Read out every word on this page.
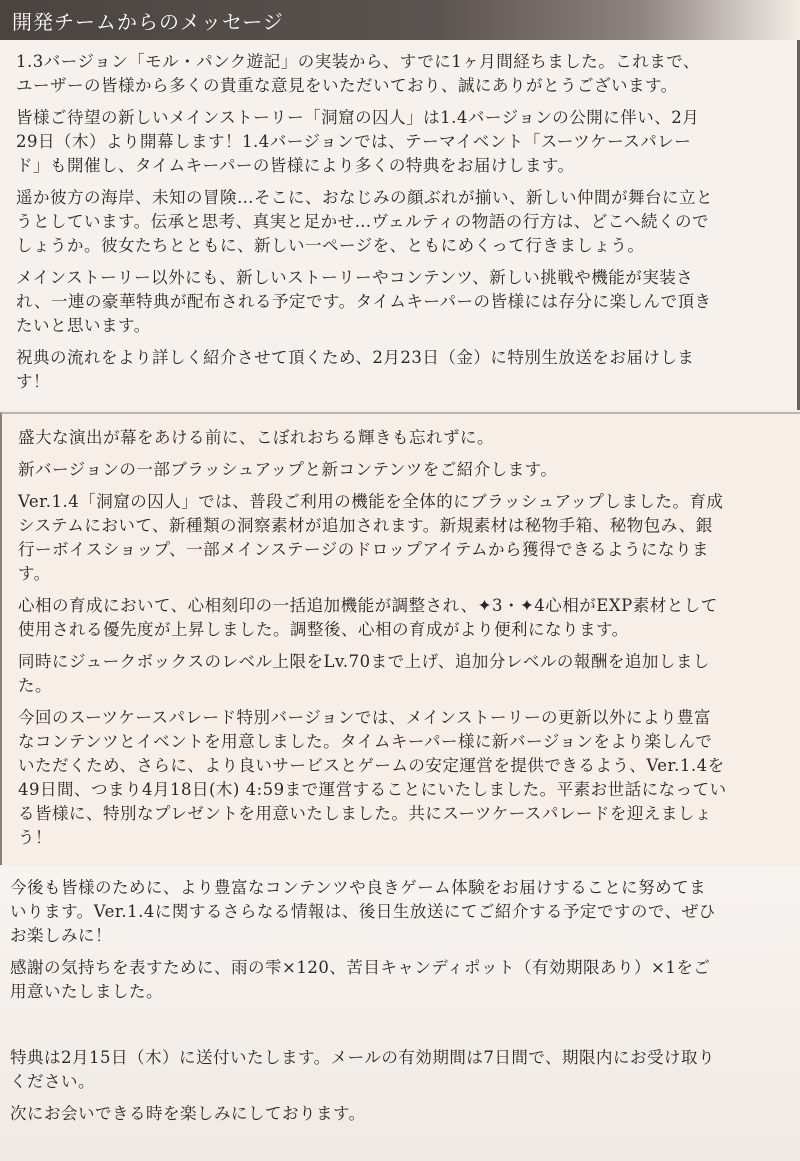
開発チームからのメッセージ

1.3バージョン「モル・パンク遊記」の実装から、すでに1ヶ月間経ちました。これまで、
ユーザーの皆様から多くの貴重な意見をいただいており、誠にありがとうございます。

皆様ご待望の新しいメインストーリー「洞窟の囚人」は1.4バージョンの公開に伴い、2月
29日（木）より開幕します！1.4バージョンでは、テーマイベント「スーツケースパレー
ド」も開催し、タイムキーパーの皆様により多くの特典をお届けします。

遥か彼方の海岸、未知の冒険…そこに、おなじみの顔ぶれが揃い、新しい仲間が舞台に立と
うとしています。伝承と思考、真実と足かせ…ヴェルティの物語の行方は、どこへ続くので
しょうか。彼女たちとともに、新しい一ページを、ともにめくって行きましょう。

メインストーリー以外にも、新しいストーリーやコンテンツ、新しい挑戦や機能が実装さ
れ、一連の豪華特典が配布される予定です。タイムキーパーの皆様には存分に楽しんで頂き
たいと思います。

祝典の流れをより詳しく紹介させて頂くため、2月23日（金）に特別生放送をお届けしま
す！

盛大な演出が幕をあける前に、こぼれおちる輝きも忘れずに。

新バージョンの一部ブラッシュアップと新コンテンツをご紹介します。

Ver.1.4「洞窟の囚人」では、普段ご利用の機能を全体的にブラッシュアップしました。育成
システムにおいて、新種類の洞察素材が追加されます。新規素材は秘物手箱、秘物包み、銀
行ーボイスショップ、一部メインステージのドロップアイテムから獲得できるようになりま
す。

心相の育成において、心相刻印の一括追加機能が調整され、✦3・✦4心相がEXP素材として
使用される優先度が上昇しました。調整後、心相の育成がより便利になります。

同時にジュークボックスのレベル上限をLv.70まで上げ、追加分レベルの報酬を追加しまし
た。

今回のスーツケースパレード特別バージョンでは、メインストーリーの更新以外により豊富
なコンテンツとイベントを用意しました。タイムキーパー様に新バージョンをより楽しんで
いただくため、さらに、より良いサービスとゲームの安定運営を提供できるよう、Ver.1.4を
49日間、つまり4月18日(木) 4:59まで運営することにいたしました。平素お世話になってい
る皆様に、特別なプレゼントを用意いたしました。共にスーツケースパレードを迎えましょ
う！

今後も皆様のために、より豊富なコンテンツや良きゲーム体験をお届けすることに努めてま
いります。Ver.1.4に関するさらなる情報は、後日生放送にてご紹介する予定ですので、ぜひ
お楽しみに！

感謝の気持ちを表すために、雨の雫×120、苦目キャンディポット（有効期限あり）×1をご
用意いたしました。

特典は2月15日（木）に送付いたします。メールの有効期間は7日間で、期限内にお受け取り
ください。

次にお会いできる時を楽しみにしております。
